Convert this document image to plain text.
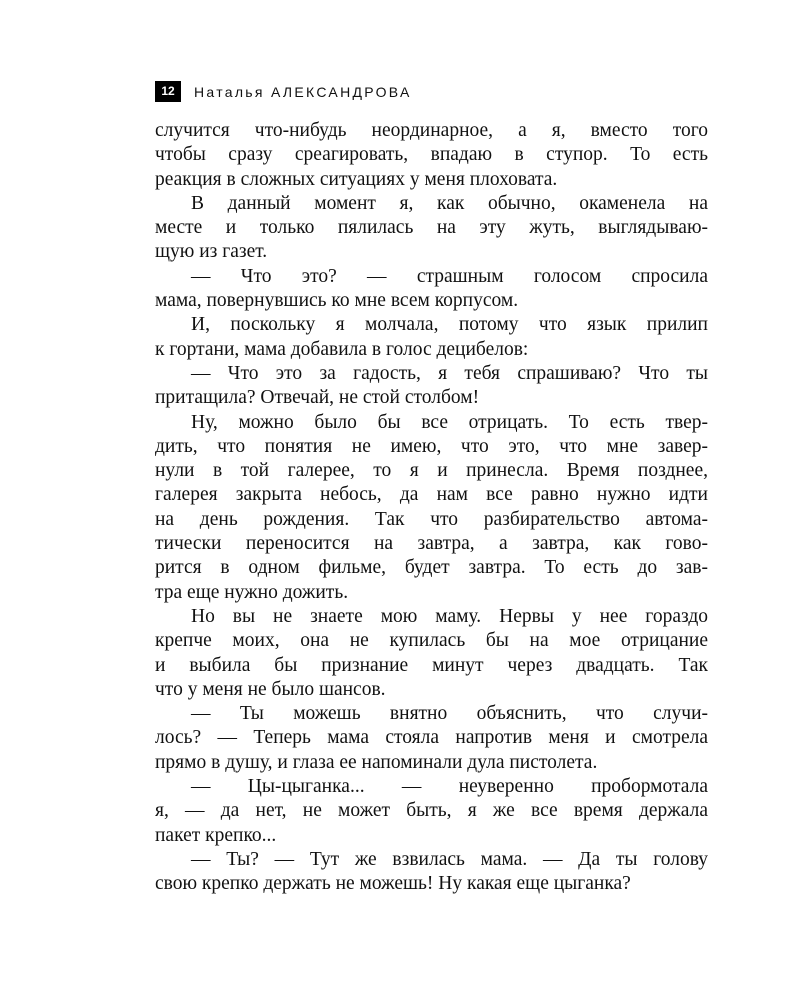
12	Наталья АЛЕКСАНДРОВА
случится что-нибудь неординарное, а я, вместо того
чтобы сразу среагировать, впадаю в ступор. То есть
реакция в сложных ситуациях у меня плоховата.
В данный момент я, как обычно, окаменела на
месте и только пялилась на эту жуть, выглядываю-
щую из газет.
— Что это? — страшным голосом спросила
мама, повернувшись ко мне всем корпусом.
И, поскольку я молчала, потому что язык прилип
к гортани, мама добавила в голос децибелов:
— Что это за гадость, я тебя спрашиваю? Что ты
притащила? Отвечай, не стой столбом!
Ну, можно было бы все отрицать. То есть твер-
дить, что понятия не имею, что это, что мне завер-
нули в той галерее, то я и принесла. Время позднее,
галерея закрыта небось, да нам все равно нужно идти
на день рождения. Так что разбирательство автома-
тически переносится на завтра, а завтра, как гово-
рится в одном фильме, будет завтра. То есть до зав-
тра еще нужно дожить.
Но вы не знаете мою маму. Нервы у нее гораздо
крепче моих, она не купилась бы на мое отрицание
и выбила бы признание минут через двадцать. Так
что у меня не было шансов.
— Ты можешь внятно объяснить, что случи-
лось? — Теперь мама стояла напротив меня и смотрела
прямо в душу, и глаза ее напоминали дула пистолета.
— Цы-цыганка... — неуверенно пробормотала
я, — да нет, не может быть, я же все время держала
пакет крепко...
— Ты? — Тут же взвилась мама. — Да ты голову
свою крепко держать не можешь! Ну какая еще цыганка?
